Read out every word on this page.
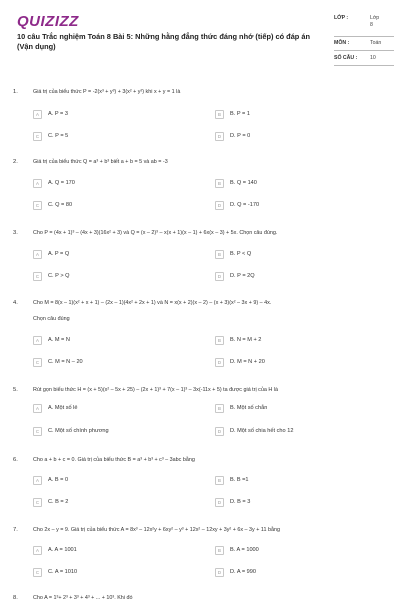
QUIZIZZ
10 câu Trắc nghiệm Toán 8 Bài 5: Những hằng đẳng thức đáng nhớ (tiếp) có đáp án (Vận dụng)
LỚP :	Lớp 8
MÔN :	Toán
SỐ CÂU :	10
1.	Giá trị của biểu thức P = -2(x³ + y³) + 3(x² + y²) khi x + y = 1 là
A	A. P = 3	B	B. P = 1
C	C. P = 5	D	D. P = 0
2.	Giá trị của biểu thức Q = a³ + b³ biết a + b = 5 và ab = -3
A	A. Q = 170	B	B. Q = 140
C	C. Q = 80	D	D. Q = -170
3.	Cho P = (4x + 1)³ – (4x + 3)(16x² + 3) và Q = (x – 2)³ – x(x + 1)(x – 1) + 6x(x – 3) + 5x. Chọn câu đúng.
A	A. P = Q	B	B. P < Q
C	C. P > Q	D	D. P = 2Q
4.	Cho M = 8(x – 1)(x² + x + 1) – (2x – 1)(4x² + 2x + 1) và N = x(x + 2)(x – 2) – (x + 3)(x² – 3x + 9) – 4x.
Chọn câu đúng
A	A. M = N	B	B. N = M + 2
C	C. M = N – 20	D	D. M = N + 20
5.	Rút gọn biểu thức H = (x + 5)(x² – 5x + 25) – (2x + 1)³ + 7(x – 1)³ – 3x(-11x + 5) ta được giá trị của H là
A	A. Một số lẻ	B	B. Một số chẵn
C	C. Một số chính phương	D	D. Một số chia hết cho 12
6.	Cho a + b + c = 0. Giá trị của biểu thức B = a³ + b³ + c³ – 3abc bằng
A	A. B = 0	B	B. B =1
C	C. B = 2	D	D. B = 3
7.	Cho 2x – y = 9. Giá trị của biểu thức A = 8x³ – 12x²y + 6xy² – y³ + 12x² – 12xy + 3y² + 6x – 3y + 11 bằng
A	A. A = 1001	B	B. A = 1000
C	C. A = 1010	D	D. A = 990
8.	Cho A = 1³+ 2³ + 3³ + 4³ + ... + 10³. Khi đó
